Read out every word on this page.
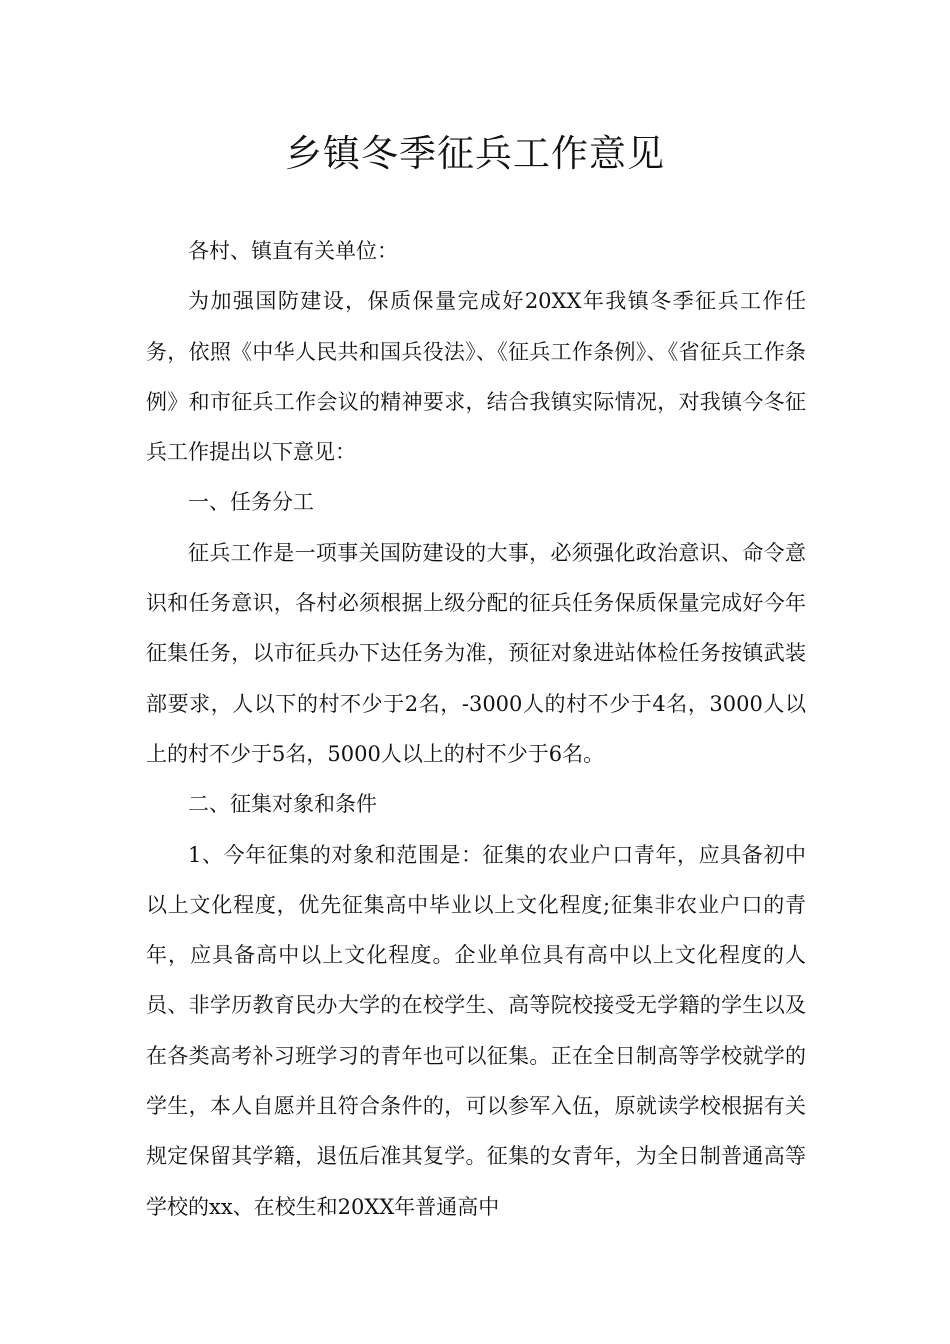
乡镇冬季征兵工作意见

各村、镇直有关单位：

为加强国防建设，保质保量完成好20XX年我镇冬季征兵工作任务，依照《中华人民共和国兵役法》、《征兵工作条例》、《省征兵工作条例》和市征兵工作会议的精神要求，结合我镇实际情况，对我镇今冬征兵工作提出以下意见：

一、任务分工

征兵工作是一项事关国防建设的大事，必须强化政治意识、命令意识和任务意识，各村必须根据上级分配的征兵任务保质保量完成好今年征集任务，以市征兵办下达任务为准，预征对象进站体检任务按镇武装部要求，人以下的村不少于2名，-3000人的村不少于4名，3000人以上的村不少于5名，5000人以上的村不少于6名。

二、征集对象和条件

1、今年征集的对象和范围是：征集的农业户口青年，应具备初中以上文化程度，优先征集高中毕业以上文化程度;征集非农业户口的青年，应具备高中以上文化程度。企业单位具有高中以上文化程度的人员、非学历教育民办大学的在校学生、高等院校接受无学籍的学生以及在各类高考补习班学习的青年也可以征集。正在全日制高等学校就学的学生，本人自愿并且符合条件的，可以参军入伍，原就读学校根据有关规定保留其学籍，退伍后准其复学。征集的女青年，为全日制普通高等学校的xx、在校生和20XX年普通高中
